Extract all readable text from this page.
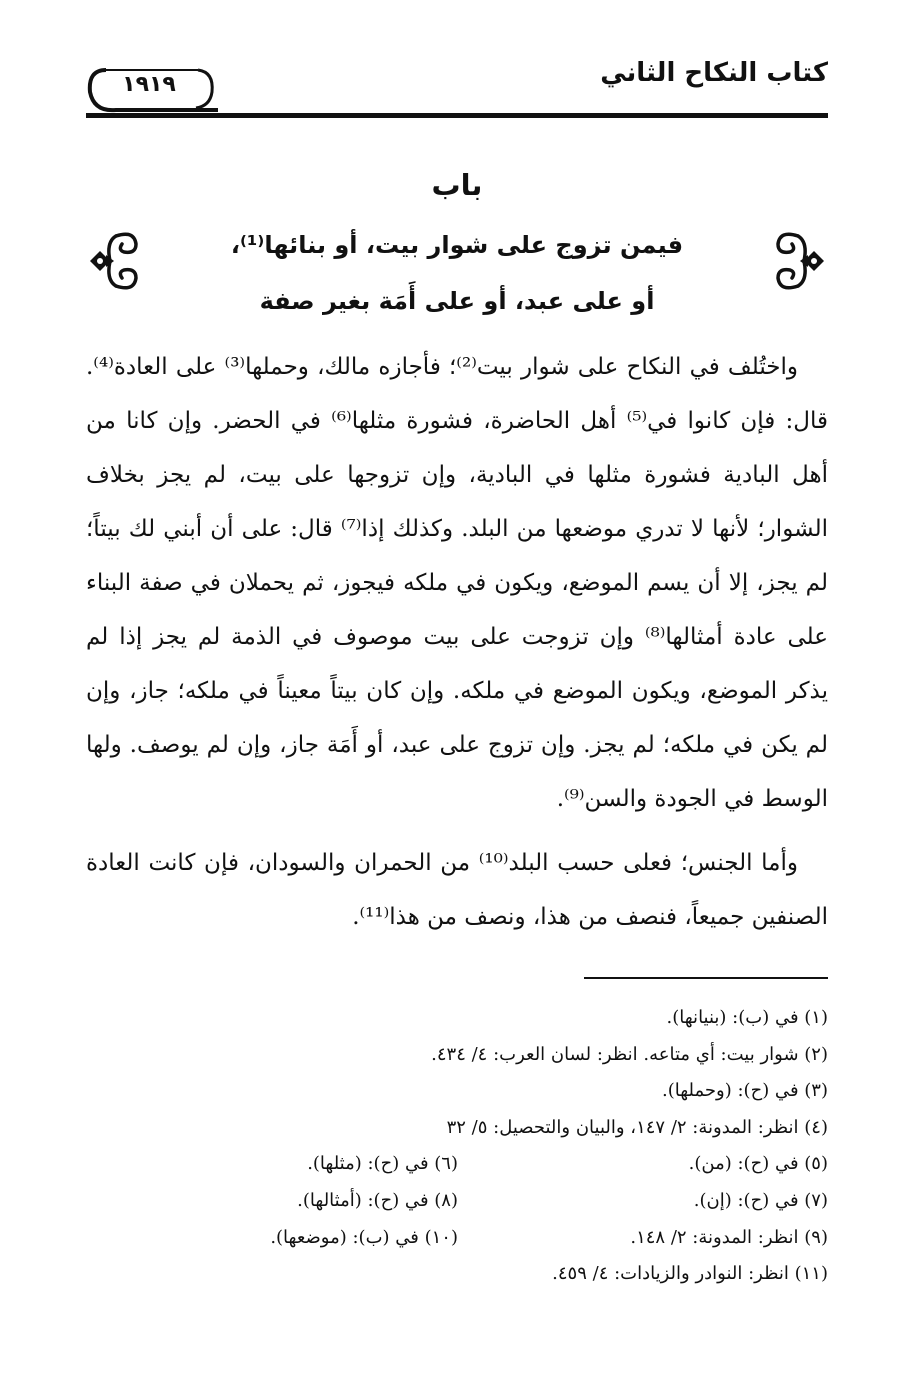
كتاب النكاح الثاني
١٩١٩
باب
فيمن تزوج على شوار بيت، أو بنائها⁽¹⁾،
أو على عبد، أو على أَمَة بغير صفة

واختُلف في النكاح على شوار بيت⁽²⁾؛ فأجازه مالك، وحملها⁽³⁾ على العادة⁽⁴⁾. قال: فإن كانوا في⁽⁵⁾ أهل الحاضرة، فشورة مثلها⁽⁶⁾ في الحضر. وإن كانا من أهل البادية فشورة مثلها في البادية، وإن تزوجها على بيت، لم يجز بخلاف الشوار؛ لأنها لا تدري موضعها من البلد. وكذلك إذا⁽⁷⁾ قال: على أن أبني لك بيتاً؛ لم يجز، إلا أن يسم الموضع، ويكون في ملكه فيجوز، ثم يحملان في صفة البناء على عادة أمثالها⁽⁸⁾ وإن تزوجت على بيت موصوف في الذمة لم يجز إذا لم يذكر الموضع، ويكون الموضع في ملكه. وإن كان بيتاً معيناً في ملكه؛ جاز، وإن لم يكن في ملكه؛ لم يجز. وإن تزوج على عبد، أو أَمَة جاز، وإن لم يوصف. ولها الوسط في الجودة والسن⁽⁹⁾.

وأما الجنس؛ فعلى حسب البلد⁽¹⁰⁾ من الحمران والسودان، فإن كانت العادة الصنفين جميعاً، فنصف من هذا، ونصف من هذا⁽¹¹⁾.

(١) في (ب): (بنيانها).
(٢) شوار بيت: أي متاعه. انظر: لسان العرب: ٤/ ٤٣٤.
(٣) في (ح): (وحملها).
(٤) انظر: المدونة: ٢/ ١٤٧، والبيان والتحصيل: ٥/ ٣٢
(٥) في (ح): (من).
(٦) في (ح): (مثلها).
(٧) في (ح): (إن).
(٨) في (ح): (أمثالها).
(٩) انظر: المدونة: ٢/ ١٤٨.
(١٠) في (ب): (موضعها).
(١١) انظر: النوادر والزيادات: ٤/ ٤٥٩.
